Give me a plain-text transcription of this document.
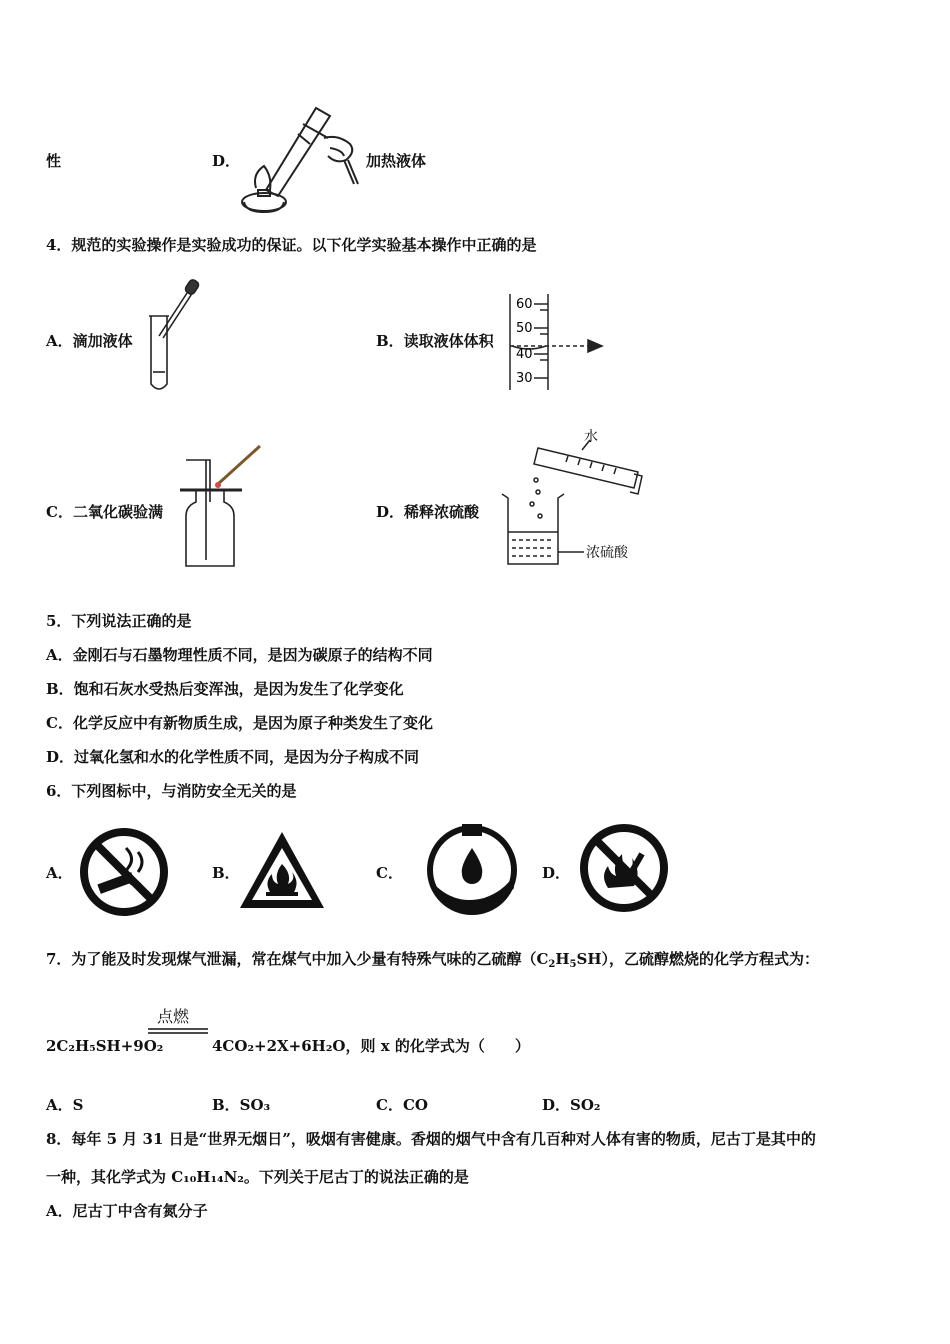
性	D．	加热液体
4．规范的实验操作是实验成功的保证。以下化学实验基本操作中正确的是
A．滴加液体	B．读取液体体积
60
50
40
30
C．二氧化碳验满	D．稀释浓硫酸
水
浓硫酸
5．下列说法正确的是
A．金刚石与石墨物理性质不同，是因为碳原子的结构不同
B．饱和石灰水受热后变浑浊，是因为发生了化学变化
C．化学反应中有新物质生成，是因为原子种类发生了变化
D．过氧化氢和水的化学性质不同，是因为分子构成不同
6．下列图标中，与消防安全无关的是
A．	B．	C．	D．
7．为了能及时发现煤气泄漏，常在煤气中加入少量有特殊气味的乙硫醇$(C_2H_5SH)$，乙硫醇燃烧的化学方程式为：
点燃
2C₂H₅SH+9O₂	4CO₂+2X+6H₂O，则 x 的化学式为（　　）
A．S	B．SO₃	C．CO	D．SO₂
8．每年 5 月 31 日是“世界无烟日”，吸烟有害健康。香烟的烟气中含有几百种对人体有害的物质，尼古丁是其中的
一种，其化学式为 C₁₀H₁₄N₂。下列关于尼古丁的说法正确的是
A．尼古丁中含有氮分子
